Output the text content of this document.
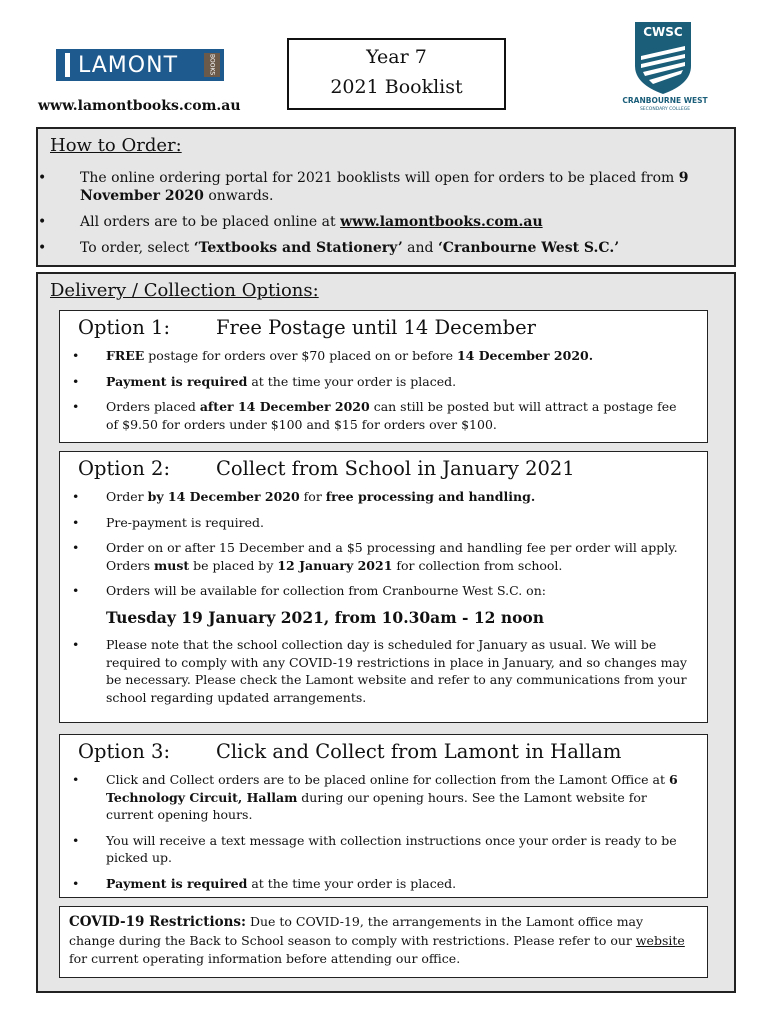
LAMONT	BOOKS
www.lamontbooks.com.au
Year 7
2021 Booklist
CWSC
CRANBOURNE WEST
SECONDARY COLLEGE
How to Order:
• The online ordering portal for 2021 booklists will open for orders to be placed from 9 November 2020 onwards.
• All orders are to be placed online at www.lamontbooks.com.au
• To order, select ‘Textbooks and Stationery’ and ‘Cranbourne West S.C.’
Delivery / Collection Options:
Option 1: Free Postage until 14 December
• FREE postage for orders over $70 placed on or before 14 December 2020.
• Payment is required at the time your order is placed.
• Orders placed after 14 December 2020 can still be posted but will attract a postage fee of $9.50 for orders under $100 and $15 for orders over $100.
Option 2: Collect from School in January 2021
• Order by 14 December 2020 for free processing and handling.
• Pre-payment is required.
• Order on or after 15 December and a $5 processing and handling fee per order will apply. Orders must be placed by 12 January 2021 for collection from school.
• Orders will be available for collection from Cranbourne West S.C. on:
Tuesday 19 January 2021, from 10.30am - 12 noon
• Please note that the school collection day is scheduled for January as usual. We will be required to comply with any COVID-19 restrictions in place in January, and so changes may be necessary. Please check the Lamont website and refer to any communications from your school regarding updated arrangements.
Option 3: Click and Collect from Lamont in Hallam
• Click and Collect orders are to be placed online for collection from the Lamont Office at 6 Technology Circuit, Hallam during our opening hours. See the Lamont website for current opening hours.
• You will receive a text message with collection instructions once your order is ready to be picked up.
• Payment is required at the time your order is placed.
COVID-19 Restrictions: Due to COVID-19, the arrangements in the Lamont office may change during the Back to School season to comply with restrictions. Please refer to our website for current operating information before attending our office.
